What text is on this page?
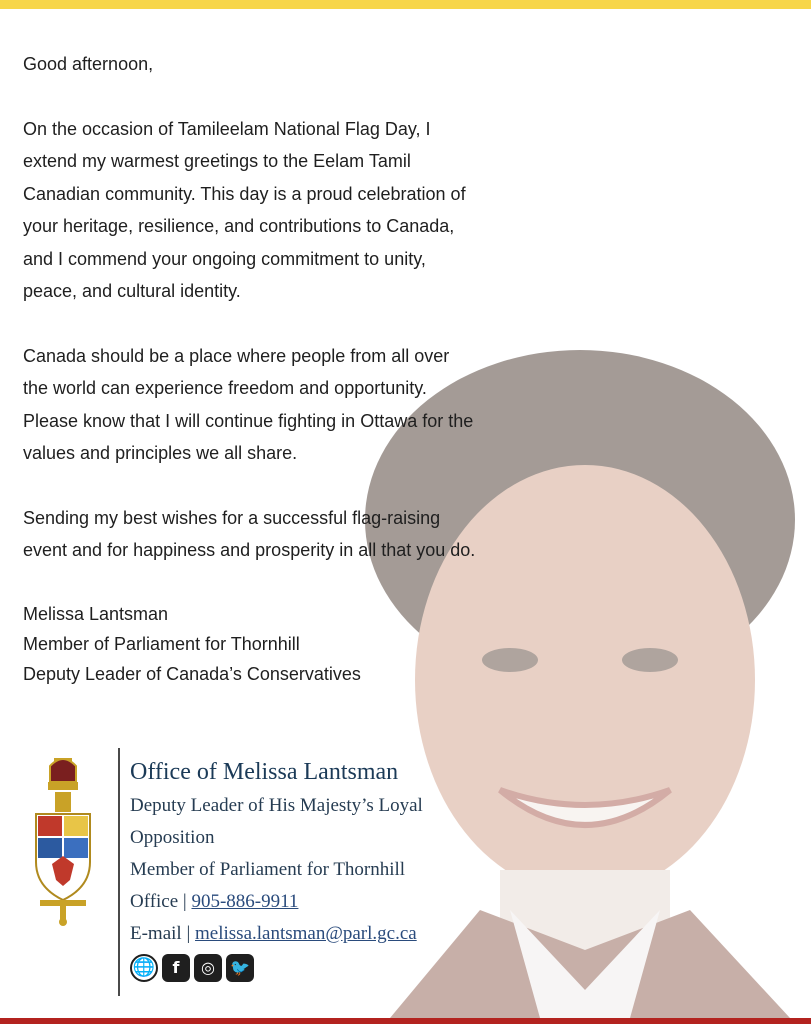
Good afternoon,

On the occasion of Tamileelam National Flag Day, I
extend my warmest greetings to the Eelam Tamil
Canadian community. This day is a proud celebration of
your heritage, resilience, and contributions to Canada,
and I commend your ongoing commitment to unity,
peace, and cultural identity.

Canada should be a place where people from all over
the world can experience freedom and opportunity.
Please know that I will continue fighting in Ottawa for the
values and principles we all share.

Sending my best wishes for a successful flag-raising
event and for happiness and prosperity in all that you do.

Melissa Lantsman
Member of Parliament for Thornhill
Deputy Leader of Canada’s Conservatives
Office of Melissa Lantsman
Deputy Leader of His Majesty’s Loyal
Opposition
Member of Parliament for Thornhill
Office | 905-886-9911
E-mail | melissa.lantsman@parl.gc.ca
🌐	f	◎ 🐦
